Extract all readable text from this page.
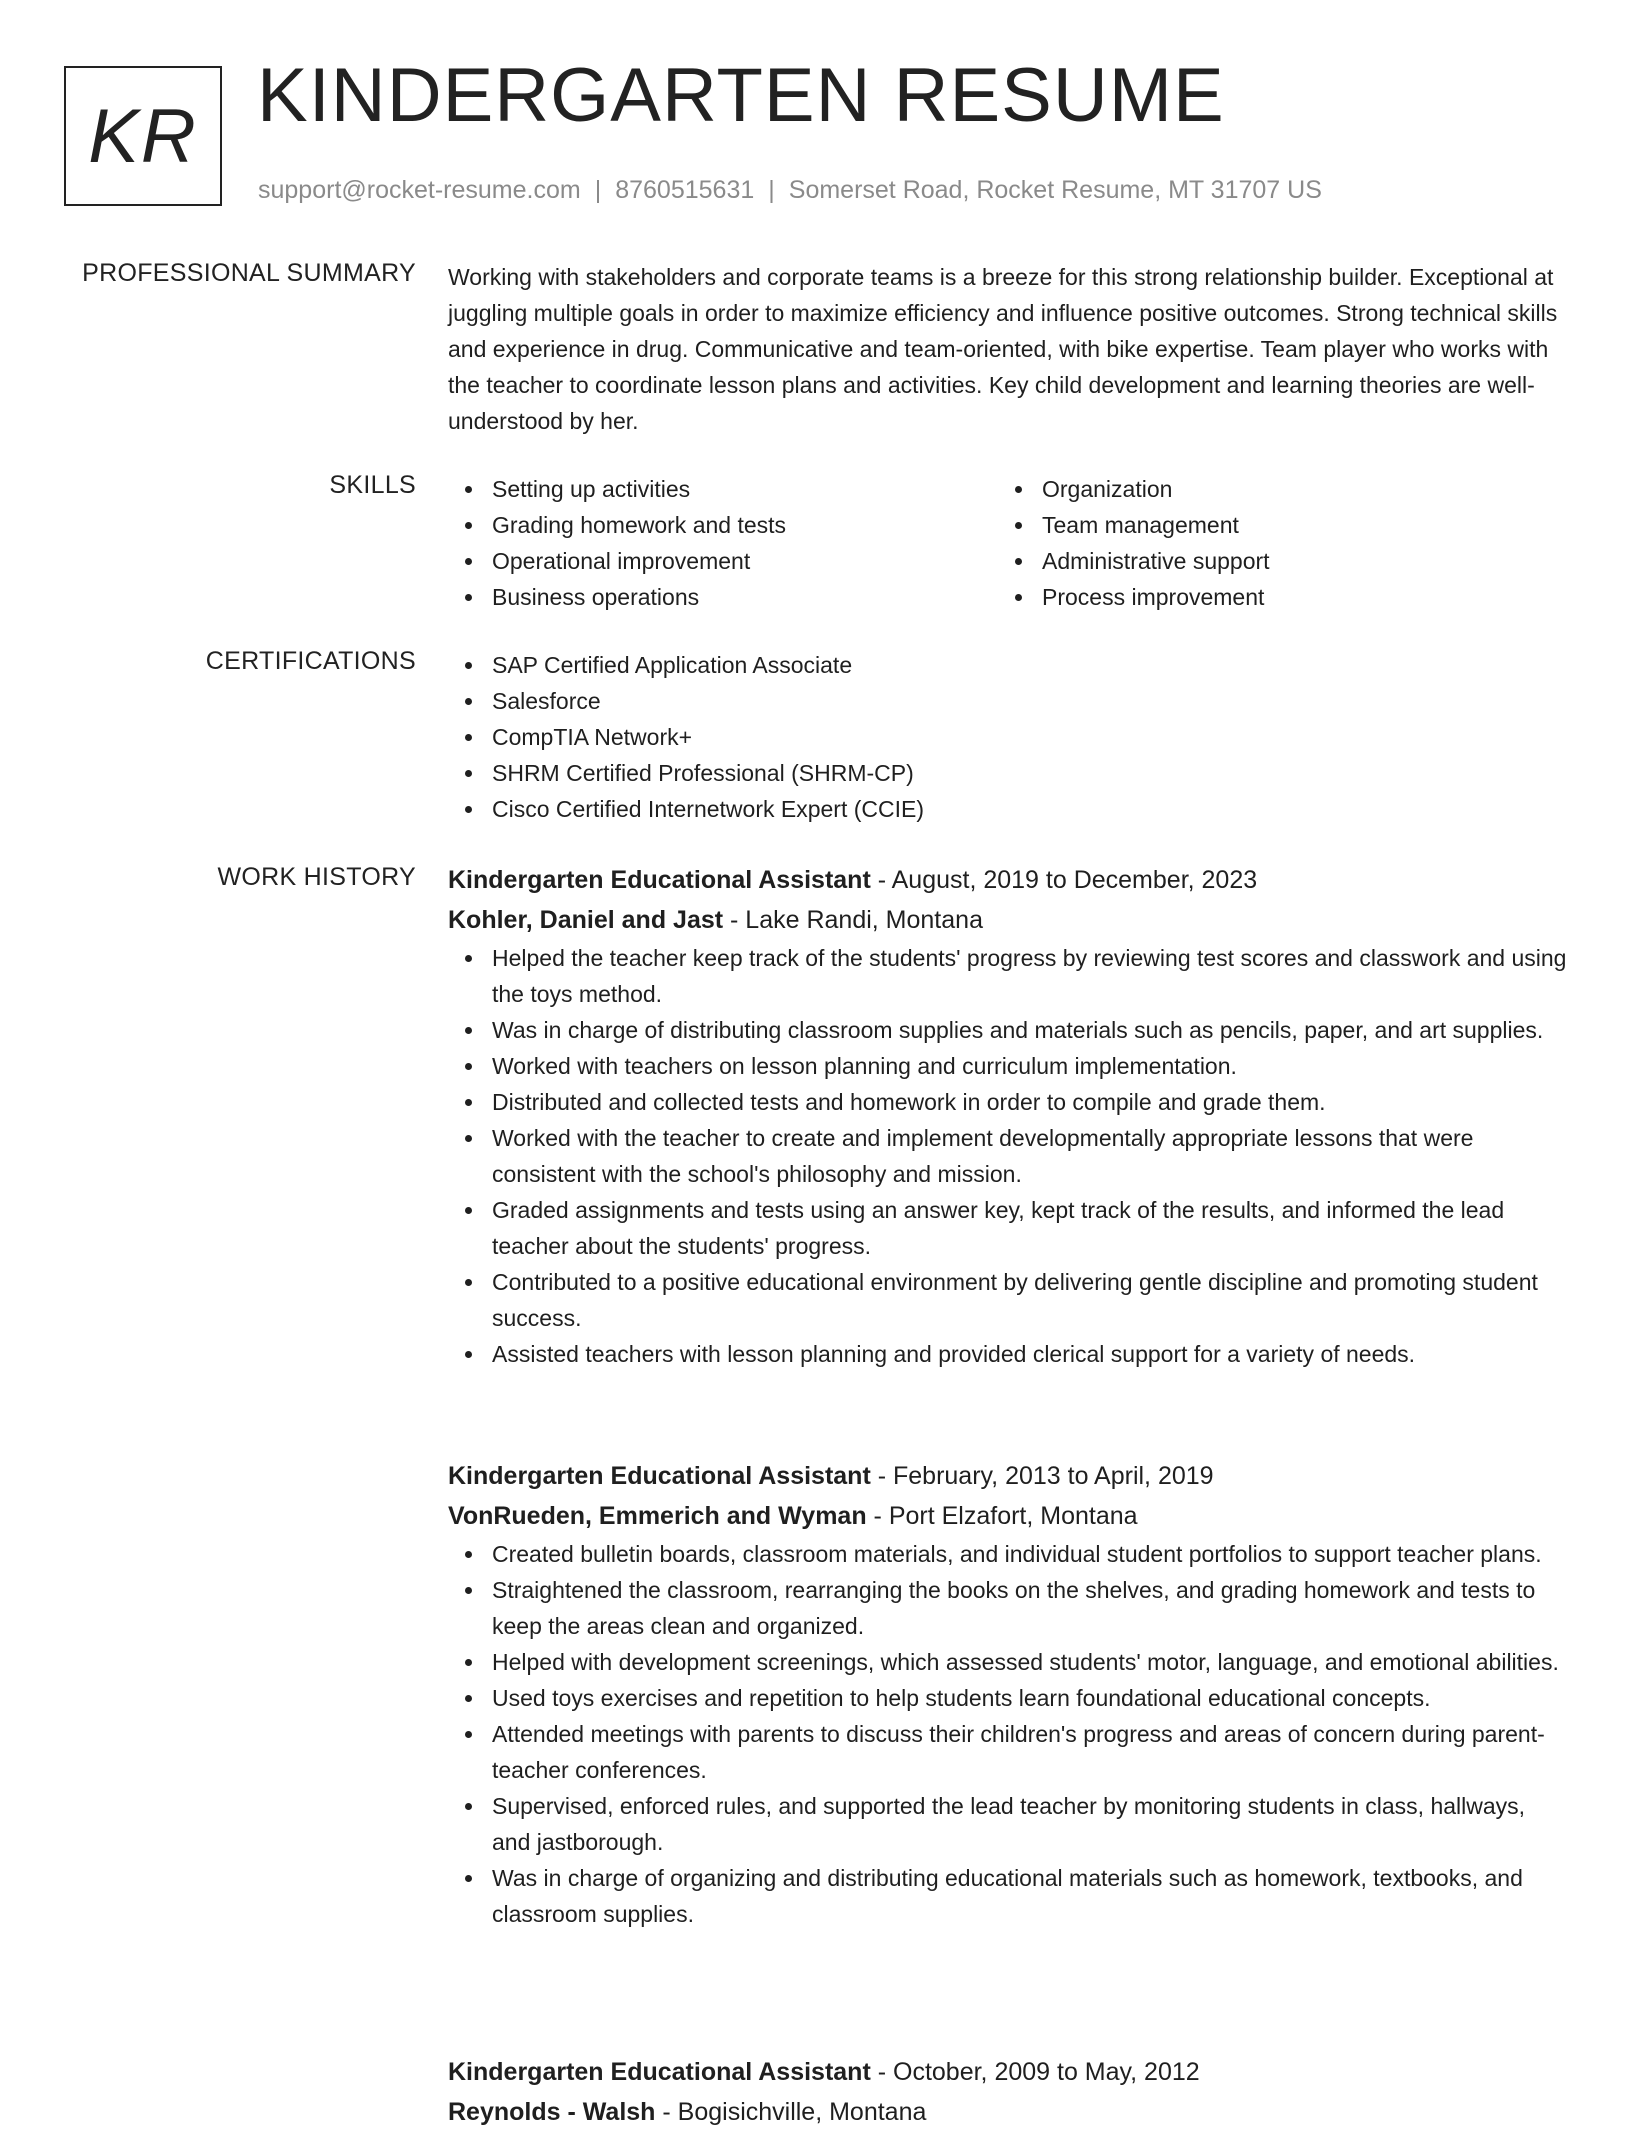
KR KINDERGARTEN RESUME
support@rocket-resume.com | 8760515631 | Somerset Road, Rocket Resume, MT 31707 US
PROFESSIONAL SUMMARY Working with stakeholders and corporate teams is a breeze for this strong relationship builder. Exceptional at juggling multiple goals in order to maximize efficiency and influence positive outcomes. Strong technical skills and experience in drug. Communicative and team-oriented, with bike expertise. Team player who works with the teacher to coordinate lesson plans and activities. Key child development and learning theories are well-understood by her.

SKILLS	Setting up activities
Grading homework and tests
Operational improvement
Business operations
Organization
Team management
Administrative support
Process improvement
CERTIFICATIONS	SAP Certified Application Associate
Salesforce
CompTIA Network+
SHRM Certified Professional (SHRM-CP)
Cisco Certified Internetwork Expert (CCIE)
WORK HISTORY Kindergarten Educational Assistant - August, 2019 to December, 2023
Kohler, Daniel and Jast - Lake Randi, Montana
Helped the teacher keep track of the students' progress by reviewing test scores and classwork and using the toys method.
Was in charge of distributing classroom supplies and materials such as pencils, paper, and art supplies.
Worked with teachers on lesson planning and curriculum implementation.
Distributed and collected tests and homework in order to compile and grade them.
Worked with the teacher to create and implement developmentally appropriate lessons that were consistent with the school's philosophy and mission.
Graded assignments and tests using an answer key, kept track of the results, and informed the lead teacher about the students' progress.
Contributed to a positive educational environment by delivering gentle discipline and promoting student success.
Assisted teachers with lesson planning and provided clerical support for a variety of needs.
Kindergarten Educational Assistant - February, 2013 to April, 2019
VonRueden, Emmerich and Wyman - Port Elzafort, Montana
Created bulletin boards, classroom materials, and individual student portfolios to support teacher plans.
Straightened the classroom, rearranging the books on the shelves, and grading homework and tests to keep the areas clean and organized.
Helped with development screenings, which assessed students' motor, language, and emotional abilities.
Used toys exercises and repetition to help students learn foundational educational concepts.
Attended meetings with parents to discuss their children's progress and areas of concern during parent-teacher conferences.
Supervised, enforced rules, and supported the lead teacher by monitoring students in class, hallways, and jastborough.
Was in charge of organizing and distributing educational materials such as homework, textbooks, and classroom supplies.
Kindergarten Educational Assistant - October, 2009 to May, 2012
Reynolds - Walsh - Bogisichville, Montana
